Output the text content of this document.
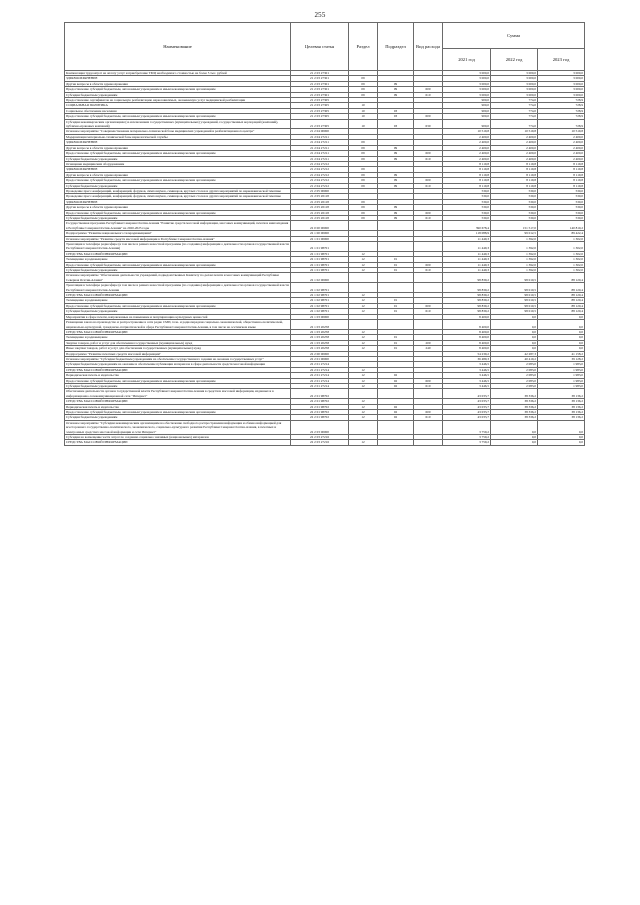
255
Наименование	Целевая статья	Раздел	Подраздел	Вид расхода	Сумма		
					2021 год	2022 год	2023 год
Компенсация трудозатрат на оплату услуг и приобретение ТМЦ необходимого стоимостью не более 5 тыс. рублей	21 2 03 27301				3 000,0	3 000,0	3 000,0
ЗДРАВООХРАНЕНИЕ	21 2 03 27301	09			3 000,0	3 000,0	3 000,0
Другие вопросы в области здравоохранения	21 2 03 27301	09	09		3 000,0	3 000,0	3 000,0
Предоставление субсидий бюджетным, автономным учреждениям и иным некоммерческим организациям	21 2 03 27301	09	09	600	3 000,0	3 000,0	3 000,0
Субсидии бюджетным учреждениям	21 2 03 27301	09	09	610	3 000,0	3 000,0	3 000,0
Предоставление сертификатов на социальную реабилитацию наркозависимых, оказываемую услуг медицинской реабилитации	21 2 03 27305				900,0	774,0	728,9
СОЦИАЛЬНАЯ ПОЛИТИКА	21 2 03 27305	10			900,0	774,0	728,9
Социальное обеспечение населения	21 2 03 27305	10	03		900,0	774,0	728,9
Предоставление субсидий бюджетным, автономным учреждениям и иным некоммерческим организациям	21 2 03 27305	10	03	600	900,0	774,0	728,9
Субсидии некоммерческим организациям (за исключением государственных (муниципальных) учреждений, государственных корпораций (компаний), публично-правовых компаний)	21 2 03 27305	10	03	630	900,0	774,0	728,9
Основное мероприятие "Совершенствование материально-технической базы медицинских учреждений и реабилитационного центра"	21 2 04 00000				10 519,8	10 519,8	10 519,8
Модернизация материально-технической базы наркологической службы	21 2 04 27211				2 400,0	2 400,0	2 400,0
ЗДРАВООХРАНЕНИЕ	21 2 04 27211	09			2 400,0	2 400,0	2 400,0
Другие вопросы в области здравоохранения	21 2 04 27211	09	09		2 400,0	2 400,0	2 400,0
Предоставление субсидий бюджетным, автономным учреждениям и иным некоммерческим организациям	21 2 04 27211	09	09	600	2 400,0	2 400,0	2 400,0
Субсидии бюджетным учреждениям	21 2 04 27211	09	09	610	2 400,0	2 400,0	2 400,0
Оснащение медицинским оборудованием	21 2 04 27212				8 119,8	8 119,8	8 119,8
ЗДРАВООХРАНЕНИЕ	21 2 04 27212	09			8 119,8	8 119,8	8 119,8
Другие вопросы в области здравоохранения	21 2 04 27212	09	09		8 119,8	8 119,8	8 119,8
Предоставление субсидий бюджетным, автономным учреждениям и иным некоммерческим организациям	21 2 04 27212	09	09	600	8 119,8	8 119,8	8 119,8
Субсидии бюджетным учреждениям	21 2 04 27212	09	09	610	8 119,8	8 119,8	8 119,8
Проведение пресс-конференций, конференций, форумов, симпозиумов, семинаров, круглых столов и других мероприятий по наркоманической тематике	21 2 05 00000				530,0	530,0	530,0
Проведение пресс-конференций, конференций, форумов, симпозиумов, семинаров, круглых столов и других мероприятий по наркоманической тематике	21 2 05 20118				530,0	530,0	530,0
ЗДРАВООХРАНЕНИЕ	21 2 05 20118	09			530,0	530,0	530,0
Другие вопросы в области здравоохранения	21 2 05 20118	09	09		530,0	530,0	530,0
Предоставление субсидий бюджетным, автономным учреждениям и иным некоммерческим организациям	21 2 05 20118	09	09	600	530,0	530,0	530,0
Субсидии бюджетным учреждениям	21 2 05 20118	09	09	610	530,0	530,0	530,0
Государственная программа Республики Северная Осетия-Алания "Развитие средств массовой информации, массовых коммуникаций, печати и книгоиздания в Республике Северная Осетия-Алания" на 2020-2025 годы	22 0 00 00000				390 678,4	151 517,0	140 810,2
Подпрограмма "Развитие национального телерадиовещания"	22 1 00 00000				118 088,9	99 012,5	89 422,4
Основное мероприятие "Развитие средств массовой информации в Республике Северная Осетия-Алания"	22 1 01 00000				11 449,3	1 392,0	1 302,0
Трансляция в телеэфире радиоэфире (в том числе в рамках новостной программы (по созданию) информации о деятельности органов государственной власти Республики Северная Осетия-Алания)	22 1 01 98701				11 449,3	1 392,0	1 302,0
СРЕДСТВА МАССОВОЙ ИНФОРМАЦИИ	22 1 01 98701	12			11 449,3	1 392,0	1 302,0
Телевидение и радиовещание	22 1 01 98701	12	01		11 449,3	1 392,0	1 302,0
Предоставление субсидий бюджетным, автономным учреждениям и иным некоммерческим организациям	22 1 01 98701	12	01	600	11 449,3	1 392,0	1 302,0
Субсидии бюджетным учреждениям	22 1 01 98701	12	01	610	11 449,3	1 392,0	1 302,0
Основное мероприятие "Обеспечение деятельности учреждений, подведомственных Комитету по делам печати и массовых коммуникаций Республики Северная Осетия-Алания"	22 1 02 00000				98 839,2	98 010,5	88 120,4
Трансляция в телеэфире радиоэфире (в том числе в рамках новостной программы (по созданию) информации о деятельности органов государственной власти Республики Северная Осетия-Алания	22 1 02 98701				98 839,2	98 010,5	88 120,4
СРЕДСТВА МАССОВОЙ ИНФОРМАЦИИ	22 1 02 98701	12			98 839,2	98 010,5	88 120,4
Телевидение и радиовещание	22 1 02 98701	12	01		98 839,2	98 010,5	88 120,4
Предоставление субсидий бюджетным, автономным учреждениям и иным некоммерческим организациям	22 1 02 98701	12	01	600	98 839,2	98 010,5	88 120,4
Субсидии бюджетным учреждениям	22 1 02 98701	12	01	610	98 839,2	98 010,5	88 120,4
Мероприятия в сфере печати, направленные на повышение и популяризацию культурных ценностей	22 1 03 00000				8 400,0	0,0	0,0
Размещение заказа на производство и распространение в сети радио СМИ, теле- и радиопередачи социально-экономической, общественно-политической, национально-культурной, гражданско-патриотической и сфере Республики Северная Осетия-Алания, в том числе на осетинском языке	22 1 03 20258				8 400,0	0,0	0,0
СРЕДСТВА МАССОВОЙ ИНФОРМАЦИИ	22 1 03 20258	12			8 400,0	0,0	0,0
Телевидение и радиовещание	22 1 03 20258	12	01		8 400,0	0,0	0,0
Закупка товаров, работ и услуг для обеспечения государственных (муниципальных) нужд	22 1 03 20258	12	01	200	8 400,0	0,0	0,0
Иные закупки товаров, работ и услуг для обеспечения государственных (муниципальных) нужд	22 1 03 20258	12	01	240	8 400,0	0,0	0,0
Подпрограмма "Развитие печатных средств массовой информации"	22 2 00 00000				54 239,2	42 287,3	41 158,2
Основное мероприятие "Субсидии бюджетным учреждениям на обеспечение государственного задания на оказание государственных услуг"	22 2 01 00000				36 489,3	40 419,2	39 128,2
Субсидии бюджетным учреждениям на оказание и обеспечение публикации материалов в сфере деятельности средств массовой информации	22 2 01 27214				3 446,5	2 083,0	1 983,0
СРЕДСТВА МАССОВОЙ ИНФОРМАЦИИ	22 2 01 27214	12			3 446,5	2 083,0	1 983,0
Периодическая печать и издательства	22 2 01 27214	12	02		3 446,5	2 083,0	1 983,0
Предоставление субсидий бюджетным, автономным учреждениям и иным некоммерческим организациям	22 2 01 27214	12	02	600	3 446,5	2 083,0	1 983,0
Субсидии бюджетным учреждениям	22 2 01 27214	12	02	610	3 446,5	2 083,0	1 983,0
Обеспечение деятельности органов государственной власти Республики Северная Осетия-Алания в средствах массовой информации, изданных и в информационно-телекоммуникационной сети "Интернет"	22 2 01 98702				43 033,7	38 336,2	38 136,2
СРЕДСТВА МАССОВОЙ ИНФОРМАЦИИ	22 2 01 98702	12			43 033,7	38 336,2	38 136,2
Периодическая печать и издательства	22 2 01 98702	12	02		43 033,7	38 336,2	38 136,2
Предоставление субсидий бюджетным, автономным учреждениям и иным некоммерческим организациям	22 2 01 98702	12	02	600	43 033,7	38 336,2	38 136,2
Субсидии бюджетным учреждениям	22 2 01 98702	12	02	610	43 033,7	38 336,2	38 136,2
Основное мероприятие "Субсидии некоммерческим организациям на обеспечение свободного распространения информации и обмена информацией для всестороннего государственно-политического, экономического, социально-культурного развития Республики Северная Осетия-Алания, в печатных и электронных средствах массовой информации и сети Интернет"	22 2 03 00000				3 759,2	0,0	0,0
Субсидии на возмещение части затрат по созданию социально значимых (национальных) материалов	22 2 03 27216				3 759,2	0,0	0,0
СРЕДСТВА МАССОВОЙ ИНФОРМАЦИИ	22 2 03 27216	12			3 759,2	0,0	0,0
